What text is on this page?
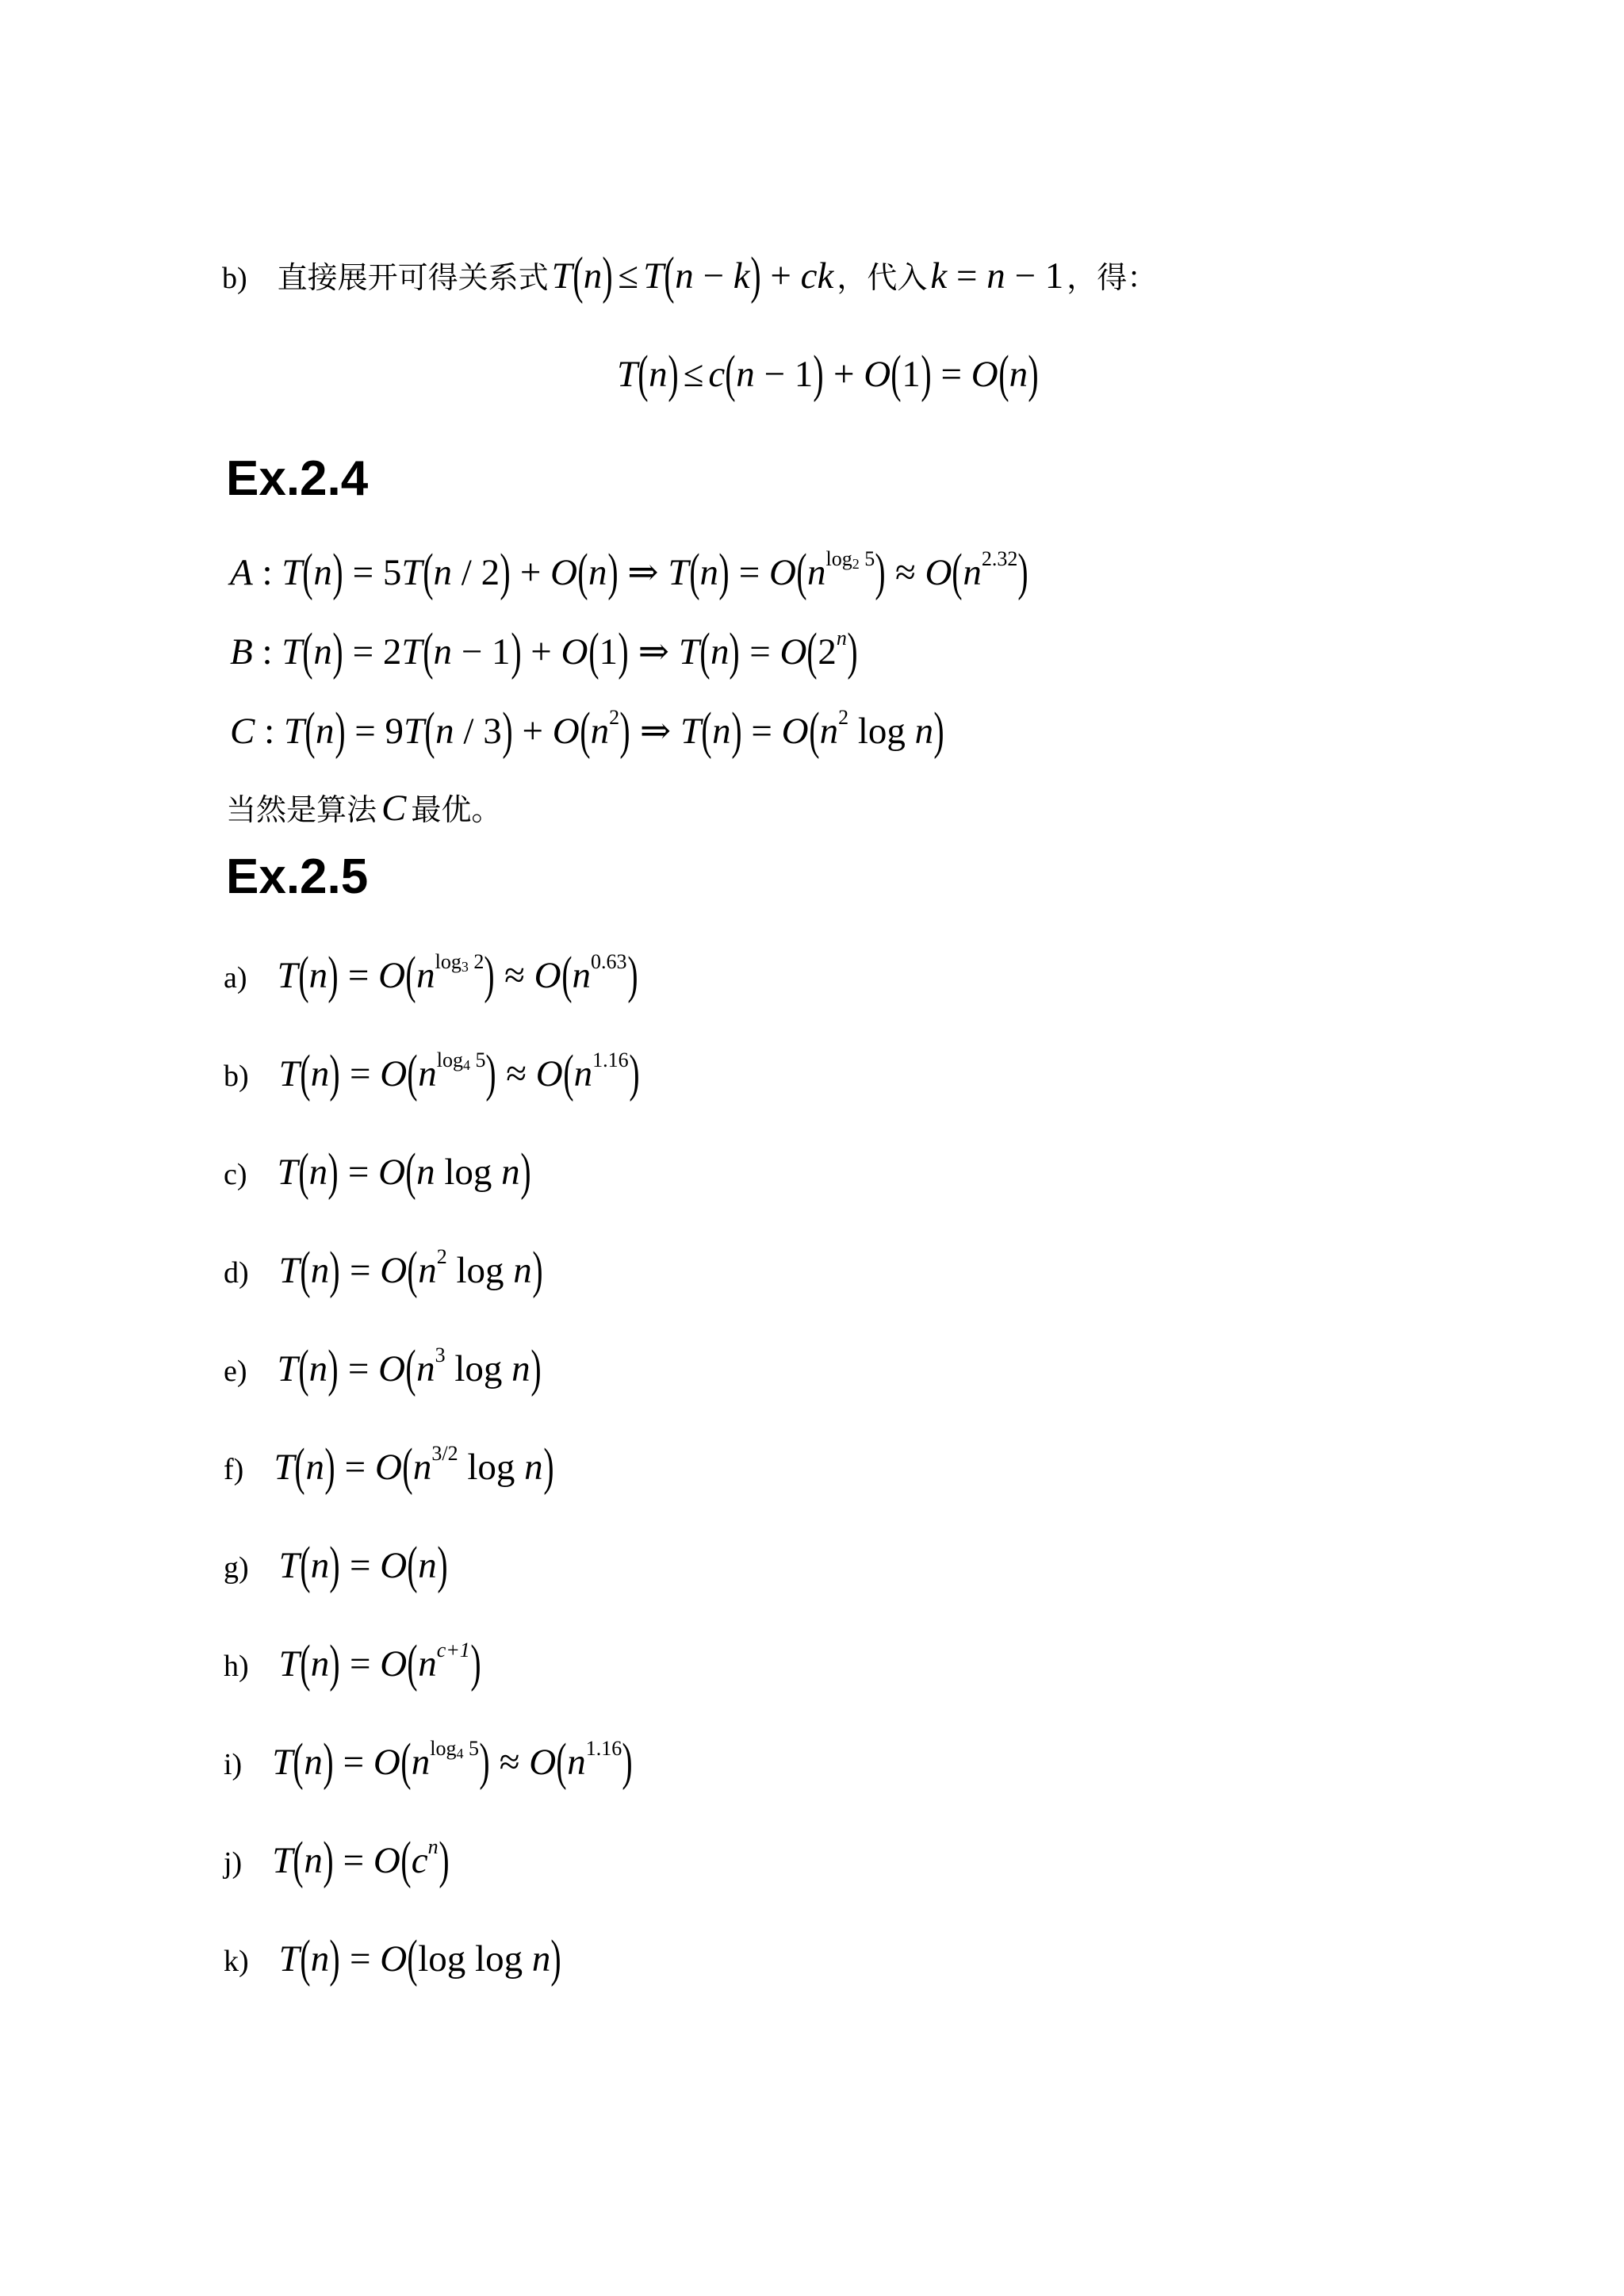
b) 直接展开可得关系式 T(n) ≤ T(n − k) + ck ，代入 k = n − 1 ，得：
T(n) ≤ c(n − 1) + O(1) = O(n)
Ex.2.4
A : T(n) = 5T(n / 2) + O(n) ⇒ $T(n) = O(n^{log_2 5}) \approx O(n^{2.32})$
B : T(n) = 2T(n − 1) + O(1) ⇒ $T(n) = O(2^n)$
C : $T(n) = 9T(n / 3) + O(n^2)$ ⇒ $T(n) = O(n^2$ log n)
当然是算法 C 最优。
Ex.2.5
a) $T(n) = O(n^{log_3 2}) \approx O(n^{0.63})$
b) $T(n) = O(n^{log_4 5}) \approx O(n^{1.16})$
c) T(n) = O(n log n)
d) $T(n) = O(n^2$ log n)
e) $T(n) = O(n^3$ log n)
f) $T(n) = O(n^{3/2}$ log n)
g) T(n) = O(n)
h) $T(n) = O(n^{c+1})$
i) $T(n) = O(n^{log_4 5}) \approx O(n^{1.16})$
j) $T(n) = O(c^n)$
k) T(n) = O(log log n)
